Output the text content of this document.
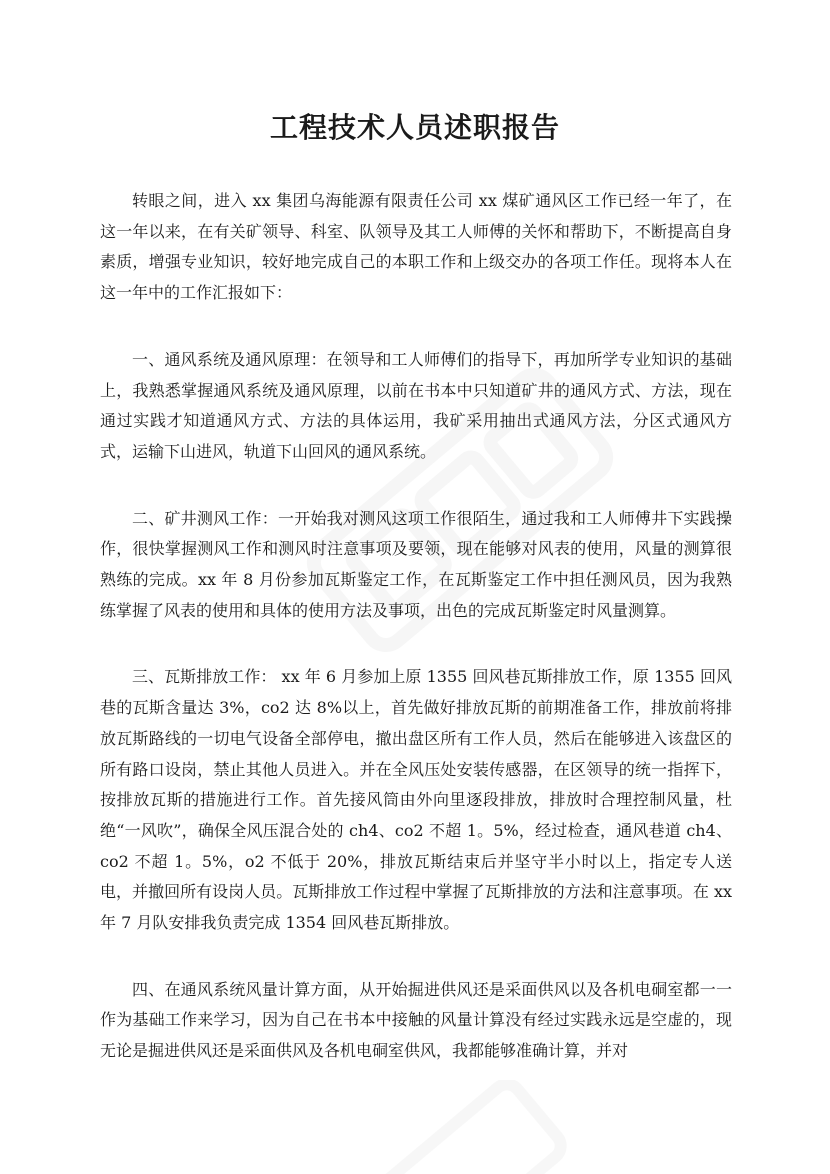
工程技术人员述职报告

转眼之间，进入 xx 集团乌海能源有限责任公司 xx 煤矿通风区工作已经一年了，在这一年以来，在有关矿领导、科室、队领导及其工人师傅的关怀和帮助下，不断提高自身素质，增强专业知识，较好地完成自己的本职工作和上级交办的各项工作任。现将本人在这一年中的工作汇报如下：

一、通风系统及通风原理：在领导和工人师傅们的指导下，再加所学专业知识的基础上，我熟悉掌握通风系统及通风原理，以前在书本中只知道矿井的通风方式、方法，现在通过实践才知道通风方式、方法的具体运用，我矿采用抽出式通风方法，分区式通风方式，运输下山进风，轨道下山回风的通风系统。

二、矿井测风工作：一开始我对测风这项工作很陌生，通过我和工人师傅井下实践操作，很快掌握测风工作和测风时注意事项及要领，现在能够对风表的使用，风量的测算很熟练的完成。xx 年 8 月份参加瓦斯鉴定工作，在瓦斯鉴定工作中担任测风员，因为我熟练掌握了风表的使用和具体的使用方法及事项，出色的完成瓦斯鉴定时风量测算。

三、瓦斯排放工作： xx 年 6 月参加上原 1355 回风巷瓦斯排放工作，原 1355 回风巷的瓦斯含量达 3%，co2 达 8%以上，首先做好排放瓦斯的前期准备工作，排放前将排放瓦斯路线的一切电气设备全部停电，撤出盘区所有工作人员，然后在能够进入该盘区的所有路口设岗，禁止其他人员进入。并在全风压处安装传感器，在区领导的统一指挥下，按排放瓦斯的措施进行工作。首先接风筒由外向里逐段排放，排放时合理控制风量，杜绝“一风吹”，确保全风压混合处的 ch4、co2 不超 1。5%，经过检查，通风巷道 ch4、co2 不超 1。5%，o2 不低于 20%，排放瓦斯结束后并坚守半小时以上，指定专人送电，并撤回所有设岗人员。瓦斯排放工作过程中掌握了瓦斯排放的方法和注意事项。在 xx 年 7 月队安排我负责完成 1354 回风巷瓦斯排放。

四、在通风系统风量计算方面，从开始掘进供风还是采面供风以及各机电硐室都一一作为基础工作来学习，因为自己在书本中接触的风量计算没有经过实践永远是空虚的，现无论是掘进供风还是采面供风及各机电硐室供风，我都能够准确计算，并对
